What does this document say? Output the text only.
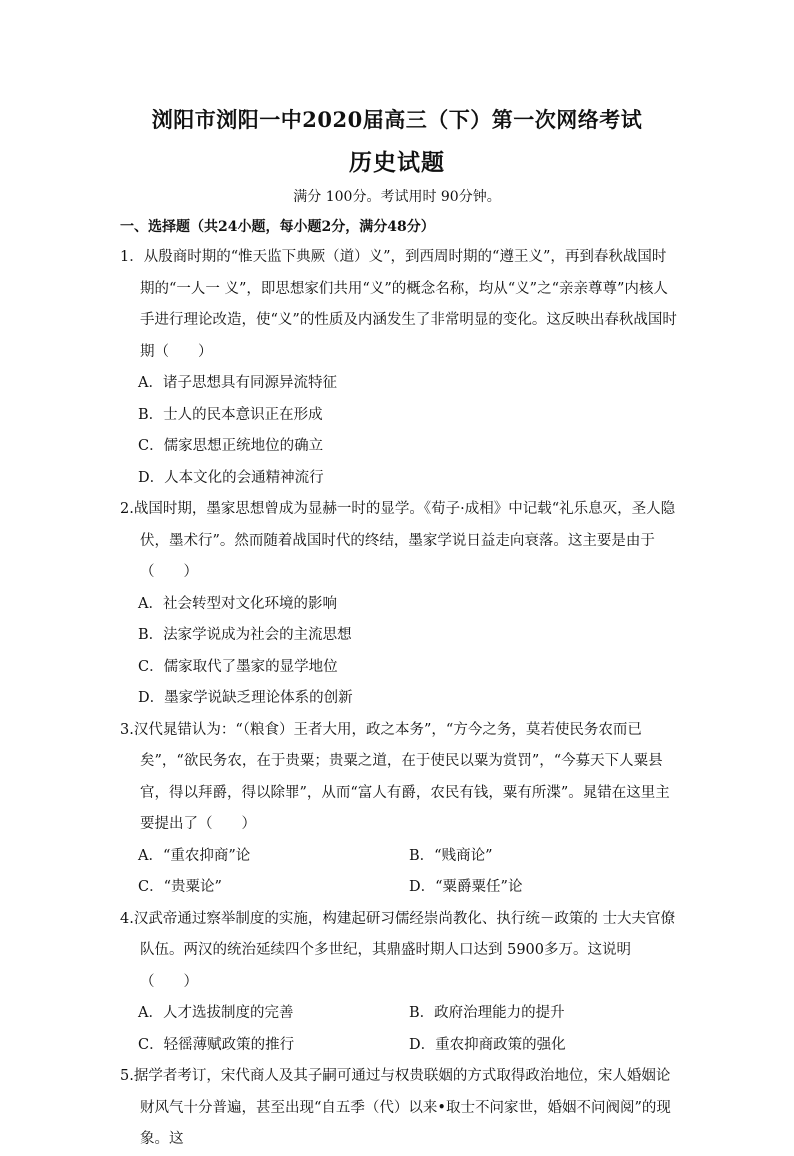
浏阳市浏阳一中2020届高三（下）第一次网络考试
历史试题
满分 100分。考试用时 90分钟。
一、选择题（共24小题，每小题2分，满分48分）

1．从殷商时期的“惟天监下典厥（道）义”，到西周时期的“遵王义”，再到春秋战国时期的“一人一 义”，即思想家们共用“义”的概念名称，均从“义”之“亲亲尊尊”内核人手进行理论改造，使“义”的性质及内涵发生了非常明显的变化。这反映出春秋战国时期（　　）

A．诸子思想具有同源异流特征

B．士人的民本意识正在形成

C．儒家思想正统地位的确立

D．人本文化的会通精神流行

2.战国时期，墨家思想曾成为显赫一时的显学。《荀子·成相》中记载“礼乐息灭，圣人隐伏，墨术行”。然而随着战国时代的终结，墨家学说日益走向衰落。这主要是由于（　　）

A．社会转型对文化环境的影响

B．法家学说成为社会的主流思想

C．儒家取代了墨家的显学地位

D．墨家学说缺乏理论体系的创新

3.汉代晁错认为：“（粮食）王者大用，政之本务”，“方今之务，莫若使民务农而已矣”，“欲民务农，在于贵粟；贵粟之道，在于使民以粟为赏罚”，“今募天下人粟县官，得以拜爵，得以除罪”，从而“富人有爵，农民有钱，粟有所渫”。晁错在这里主要提出了（　　）

A．“重农抑商”论	B．“贱商论”
C．“贵粟论”	D．“粟爵粟任”论

4.汉武帝通过察举制度的实施，构建起研习儒经崇尚教化、执行统－政策的 士大夫官僚队伍。两汉的统治延续四个多世纪，其鼎盛时期人口达到 5900多万。这说明（　　）

A．人才选拔制度的完善	B．政府治理能力的提升
C．轻徭薄赋政策的推行	D．重农抑商政策的强化

5.据学者考订，宋代商人及其子嗣可通过与权贵联姻的方式取得政治地位，宋人婚姻论财风气十分普遍，甚至出现“自五季（代）以来•取士不问家世，婚姻不问阀阅”的现象。这
